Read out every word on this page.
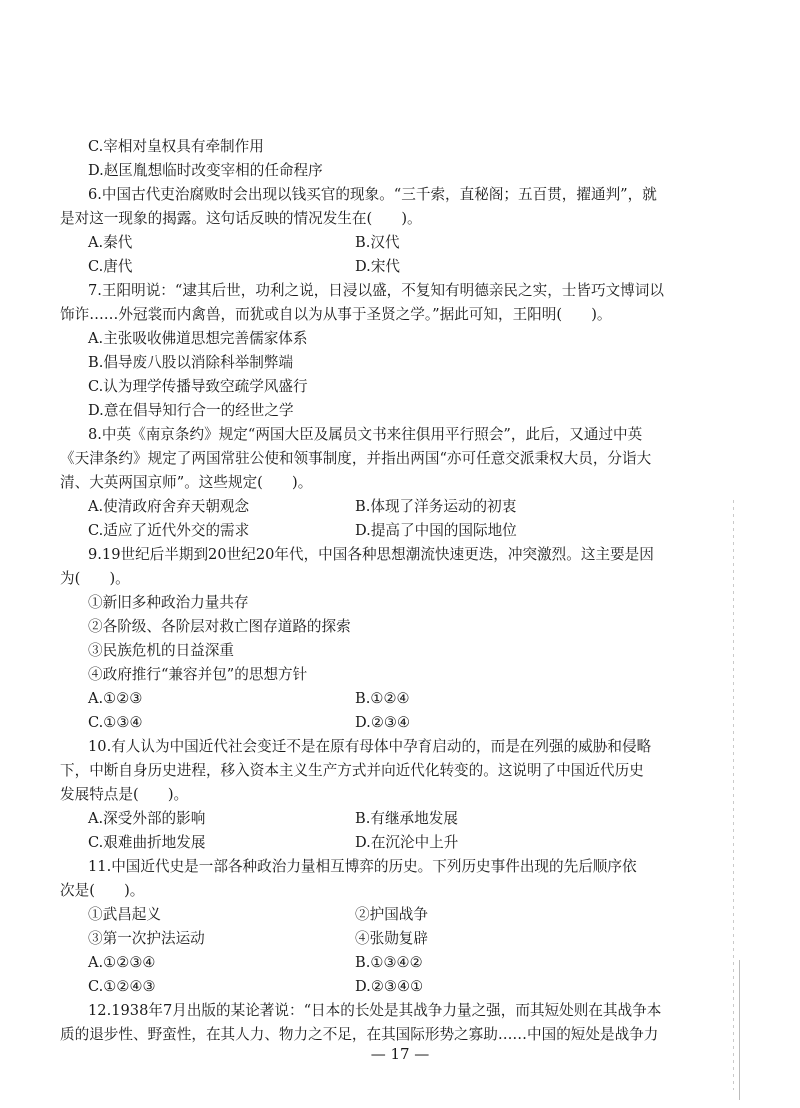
C.宰相对皇权具有牵制作用
D.赵匡胤想临时改变宰相的任命程序
6.中国古代吏治腐败时会出现以钱买官的现象。“三千索，直秘阁；五百贯，擢通判”，就
是对这一现象的揭露。这句话反映的情况发生在(　　)。
A.秦代	B.汉代
C.唐代	D.宋代
7.王阳明说：“逮其后世，功利之说，日浸以盛，不复知有明德亲民之实，士皆巧文博词以
饰诈……外冠裳而内禽兽，而犹或自以为从事于圣贤之学。”据此可知，王阳明(　　)。
A.主张吸收佛道思想完善儒家体系
B.倡导废八股以消除科举制弊端
C.认为理学传播导致空疏学风盛行
D.意在倡导知行合一的经世之学
8.中英《南京条约》规定“两国大臣及属员文书来往俱用平行照会”，此后，又通过中英
《天津条约》规定了两国常驻公使和领事制度，并指出两国“亦可任意交派秉权大员，分诣大
清、大英两国京师”。这些规定(　　)。
A.使清政府舍弃天朝观念	B.体现了洋务运动的初衷
C.适应了近代外交的需求	D.提高了中国的国际地位
9.19世纪后半期到20世纪20年代，中国各种思想潮流快速更迭，冲突激烈。这主要是因
为(　　)。
①新旧多种政治力量共存
②各阶级、各阶层对救亡图存道路的探索
③民族危机的日益深重
④政府推行“兼容并包”的思想方针
A.①②③	B.①②④
C.①③④	D.②③④
10.有人认为中国近代社会变迁不是在原有母体中孕育启动的，而是在列强的威胁和侵略
下，中断自身历史进程，移入资本主义生产方式并向近代化转变的。这说明了中国近代历史
发展特点是(　　)。
A.深受外部的影响	B.有继承地发展
C.艰难曲折地发展	D.在沉沦中上升
11.中国近代史是一部各种政治力量相互博弈的历史。下列历史事件出现的先后顺序依
次是(　　)。
①武昌起义	②护国战争
③第一次护法运动	④张勋复辟
A.①②③④	B.①③④②
C.①②④③	D.②③④①
12.1938年7月出版的某论著说：“日本的长处是其战争力量之强，而其短处则在其战争本
质的退步性、野蛮性，在其人力、物力之不足，在其国际形势之寡助……中国的短处是战争力
— 17 —
